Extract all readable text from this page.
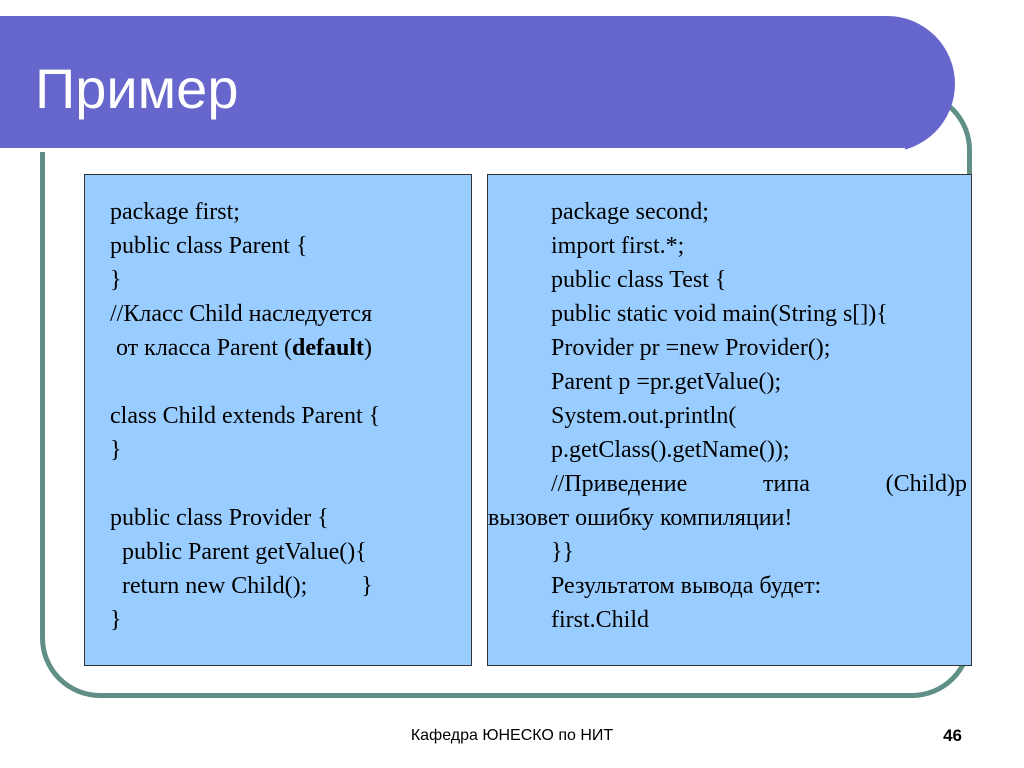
Пример
package first;
public class Parent {
}
//Класс Child наследуется
от класса Parent (default)
class Child extends Parent {
}
public class Provider {
public Parent getValue(){
return new Child();         }
}
package second;
import first.*;
public class Test {
public static void main(String s[]){
Provider pr =new Provider();
Parent p =pr.getValue();
System.out.println(
p.getClass().getName());
//Приведение	типа	(Child)p
вызовет ошибку компиляции!
}}
Результатом вывода будет:
first.Child
Кафедра ЮНЕСКО по НИТ	46
